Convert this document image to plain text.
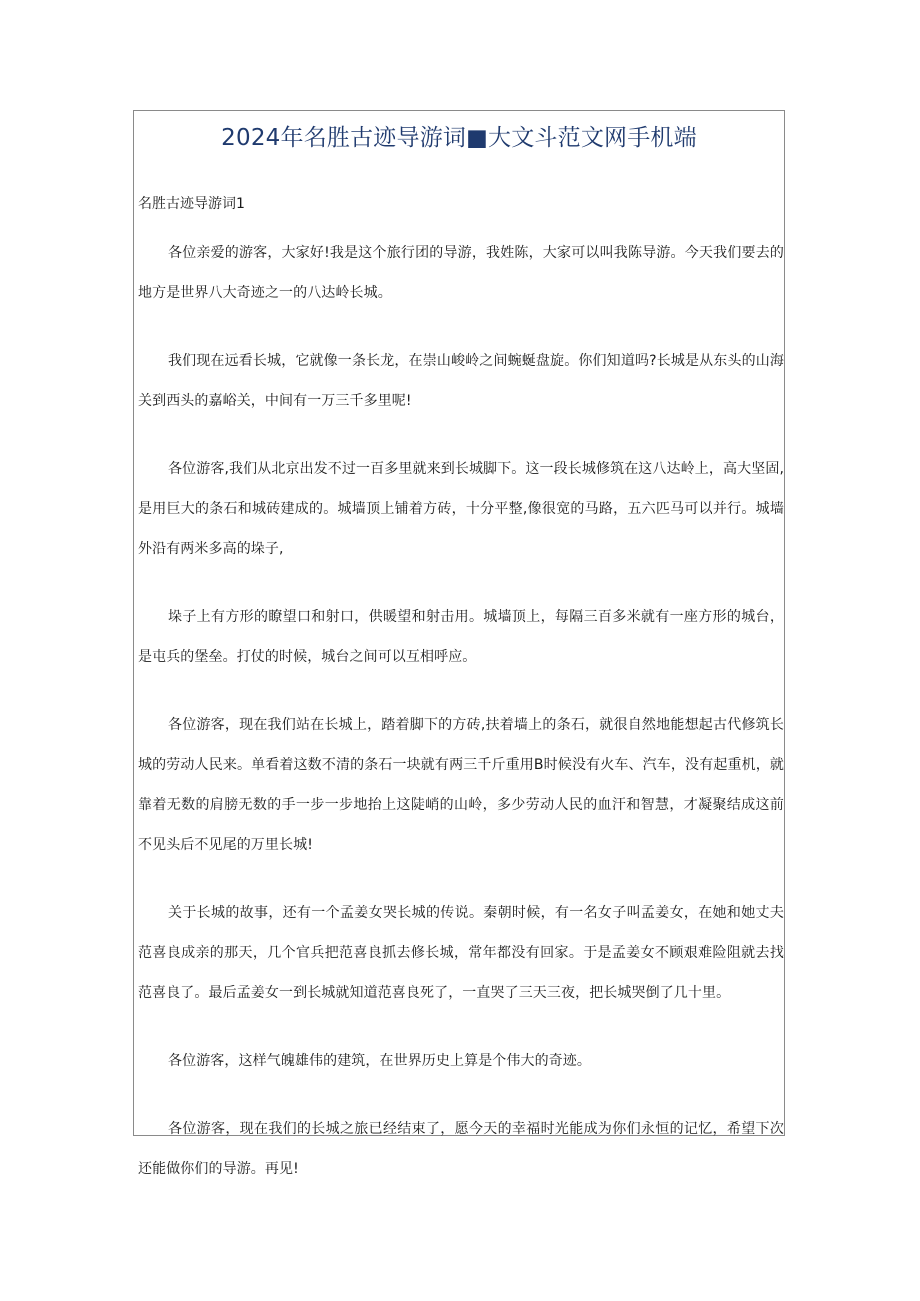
2024年名胜古迹导游词■大文斗范文网手机端

名胜古迹导游词1

各位亲爱的游客，大家好!我是这个旅行团的导游，我姓陈，大家可以叫我陈导游。今天我们要去的地方是世界八大奇迹之一的八达岭长城。

我们现在远看长城，它就像一条长龙，在崇山峻岭之间蜿蜒盘旋。你们知道吗?长城是从东头的山海关到西头的嘉峪关，中间有一万三千多里呢!

各位游客,我们从北京出发不过一百多里就来到长城脚下。这一段长城修筑在这八达岭上，高大坚固,是用巨大的条石和城砖建成的。城墙顶上铺着方砖，十分平整,像很宽的马路，五六匹马可以并行。城墙外沿有两米多高的垛子,

垛子上有方形的瞭望口和射口，供暖望和射击用。城墙顶上，每隔三百多米就有一座方形的城台，是屯兵的堡垒。打仗的时候，城台之间可以互相呼应。

各位游客，现在我们站在长城上，踏着脚下的方砖,扶着墙上的条石，就很自然地能想起古代修筑长城的劳动人民来。单看着这数不清的条石一块就有两三千斤重用B时候没有火车、汽车，没有起重机，就靠着无数的肩膀无数的手一步一步地抬上这陡峭的山岭，多少劳动人民的血汗和智慧，才凝聚结成这前不见头后不见尾的万里长城!

关于长城的故事，还有一个孟姜女哭长城的传说。秦朝时候，有一名女子叫孟姜女，在她和她丈夫范喜良成亲的那天，几个官兵把范喜良抓去修长城，常年都没有回家。于是孟姜女不顾艰难险阻就去找范喜良了。最后孟姜女一到长城就知道范喜良死了，一直哭了三天三夜，把长城哭倒了几十里。

各位游客，这样气魄雄伟的建筑，在世界历史上算是个伟大的奇迹。

各位游客，现在我们的长城之旅已经结束了，愿今天的幸福时光能成为你们永恒的记忆，希望下次还能做你们的导游。再见!
